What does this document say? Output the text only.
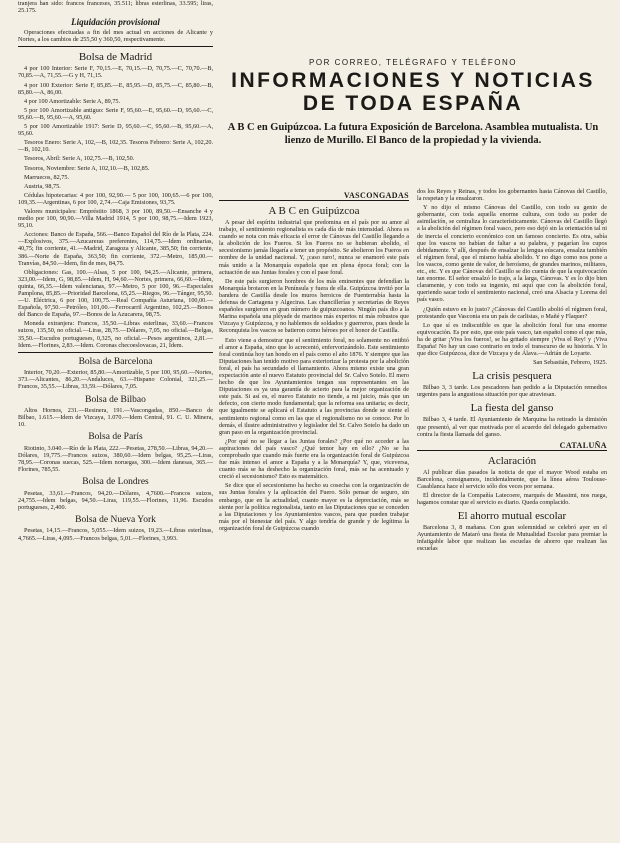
tranjera han sido: francos franceses, 35.511; libras esterlinas, 33.595; liras, 25.175.

Liquidación provisional

Operaciones efectuadas a fin del mes actual en acciones de Alicante y Nortes, a los cambios de 255,50 y 360,50, respectivamente.

Bolsa de Madrid

4 por 100 Interior: Serie F, 70,15.—E, 70,15.—D, 70,75.—C, 70,70.—B, 70,85.—A, 71,55.—G y H, 71,15.

4 por 100 Exterior: Serie F, 85,85.—E, 85,95.—D, 85,75.—C, 85,80.—B, 85,80.—A, 86,00.

4 por 100 Amortizable: Serie A, 89,75.

5 por 100 Amortizable antiguo: Serie F, 95,60.—E, 95,60.—D, 95,60.—C, 95,60.—B, 95,60.—A, 95,60.

5 por 100 Amortizable 1917: Serie D, 95,60.—C, 95,60.—B, 95,60.—A, 95,60.

Tesoros Enero: Serie A, 102,—B, 102,35. Tesoros Febrero: Serie A, 102,20.—B, 102,10.

Tesoros, Abril: Serie A, 102,75.—B, 102,50.

Tesoros, Noviembre: Serie A, 102,10.—B, 102,85.

Marruecos, 82,75.

Austria, 98,75.

Cédulas hipotecarias: 4 por 100, 92,90.— 5 por 100, 100,65.—6 por 100, 109,35.—Argentinas, 6 por 100, 2,74.—Caja Emisiones, 93,75.

Valores municipales: Empréstito 1868, 3 por 100, 89,50.—Ensanche 4 y medio por 100, 90,90.—Villa Madrid 1914, 5 por 100, 98,75.—Idem 1923, 95,10.

Acciones: Banco de España, 566.—Banco Español del Río de la Plata, 224.—Explosivos, 375.—Azucareras preferentes, 114,75.—Idem ordinarias, 40,75; fin corriente, 41.—Madrid, Zaragoza y Alicante, 385,50; fin corriente, 386.—Norte de España, 363,50; fin corriente, 372.—Metro, 185,00.—Tranvías, 84,50.—Idem, fin de mes, 84,75.

Obligaciones: Gas, 100.—Alsas, 5 por 100, 94,25.—Alicante, primera, 323,00.—Idem, G, 98,85.—Idem, H, 94,60.—Nortes, primera, 66,60.—Idem, quinta, 66,35.—Idem valencianas, 97.—Metro, 5 por 100, 96.—Especiales Pamplona, 85,85.—Prioridad Barcelona, 65,25.—Riegos, 96.—Tánger, 95,50.—U. Eléctrica, 6 por 100, 100,75.—Real Compañía Asturiana, 100,00.—Española, 97,50.—Petróleo, 101,00.—Ferrocarril Argentino, 102,25.—Bonos del Banco de España, 97.—Bonos de la Azucarera, 98,75.

Moneda extranjera: Francos, 35,50.—Libras esterlinas, 33,60.—Francos suizos, 135,50, no oficial.—Liras, 28,75.—Dólares, 7,05, no oficial.—Belgas, 35,50.—Escudos portugueses, 0,325, no oficial.—Pesos argentinos, 2,81.—Idem.—Florines, 2,83.—Idem. Coronas checoeslovacas, 21, Ídem.

Bolsa de Barcelona

Interior, 70,20.—Exterior, 85,80.—Amortizable, 5 por 100, 95,60.—Nortes, 373.—Alicantes, 86,20.—Andaluces, 63.—Hispano Colonial, 321,25.—Francos, 35,55.—Libras, 33,59.—Dólares, 7,05.

Bolsa de Bilbao

Altos Hornos, 231.—Resinera, 191.—Vascongadas, 850.—Banco de Bilbao, 1.615.—Idem de Vizcaya, 1.070.—Idem Central, 91. C. U. Minera, 10.

Bolsa de París

Riotinto, 3.040.—Río de la Plata, 222.—Pesetas, 278,50.—Libras, 94,20.—Dólares, 19,775.—Francos suizos, 380,60.—Idem belgas, 95,25.—Liras, 78,95.—Coronas suecas, 525.—Idem noruegas, 300.—Idem danesas, 365.—Florines, 785,55.

Bolsa de Londres

Pesetas, 33,61.—Francos, 94,20.—Dólares, 4,7600.—Francos suizos, 24,755.—Idem belgas, 94,50.—Liras, 119,55.—Florines, 11,96. Escudos portugueses, 2,400.

Bolsa de Nueva York

Pesetas, 14,15.—Francos, 5,055.—Idem suizos, 19,23.—Libras esterlinas, 4,7665.—Liras, 4,095.—Francos belgas, 5,01.—Florines, 3,993.

POR CORREO, TELÉGRAFO Y TELÉFONO
INFORMACIONES Y NOTICIAS
DE TODA ESPAÑA
A B C en Guipúzcoa. La futura Exposición de Barcelona. Asamblea mutualista. Un lienzo de Murillo. El Banco de la propiedad y la vivienda.
VASCONGADAS
A B C en Guipúzcoa

A pesar del espíritu industrial que predomina en el país por su amor al trabajo, el sentimiento regionalista es cada día de más intensidad. Ahora es cuando se nota con más eficacia el error de Cánovas del Castillo llegando a la abolición de los Fueros. Si los Fueros no se hubieran abolido, el secesionismo jamás llegaría a tener un propósito. Se abolieron los Fueros en nombre de la unidad nacional. Y, ¡caso raro!, nunca se enamoró este país más unido a la Monarquía española que en plena época foral; con la actuación de sus Juntas forales y con el pase foral.

De este país surgieron hombres de los más eminentes que defendían la Monarquía brotaron en la Península y fuera de ella. Guipúzcoa invitó por la bandera de Castilla desde los muros heroicos de Fuenterrabía hasta la defensa de Cartagena y Algeciras. Las chancillerías y secretarías de Reyes españoles surgieron en gran número de guipuzcoanos. Ningún país dio a la Marina española una pléyade de marinos más expertos ni más robustos que Vizcaya y Guipúzcoa, y no hablemos de soldados y guerreros, pues desde la Reconquista los vascos se batieron como héroes por el honor de Castilla.

Esto viene a demostrar que el sentimiento foral, no solamente no entibió el amor a España, sino que lo acrecentó, enfervorizándolo. Este sentimiento foral continúa hoy tan hondo en el país como el año 1876. Y siempre que las Diputaciones han tenido motivo para exteriorizar la protesta por la abolición foral, el país ha secundado el llamamiento. Ahora mismo existe una gran expectación ante el nuevo Estatuto provincial del Sr. Calvo Sotelo. El mero hecho de que los Ayuntamientos tengan sus representantes en las Diputaciones es ya una garantía de acierto para la mejor organización de este país. Si así es, el nuevo Estatuto no tiende, a mi juicio, más que un defecto, con cierto modo fundamental; que la reforma sea unitaria; es decir, que igualmente se aplicará el Estatuto a las provincias donde se siente el sentimiento regional como en las que el regionalismo no se conoce. Por lo demás, el ilustre administrativo y legislador del Sr. Calvo Sotelo ha dado un gran paso en la organización provincial.

¿Por qué no se llegar a las Juntas forales? ¿Por qué no acceder a las aspiraciones del país vasco? ¿Qué temor hay en ello? ¿No se ha comprobado que cuando más fuerte era la organización foral de Guipúzcoa fue más intenso el amor a España y a la Monarquía? Y, que, viceversa, cuanto más se ha deshecho la organización foral, más se ha acentuado y creció el secesionismo? Esto es matemático.

Se dice que el secesionismo ha hecho su cosecha con la organización de sus Juntas forales y la aplicación del Fuero. Sólo pensar de seguro, sin embargo, que en la actualidad, cuanto mayor es la depreciación, más se siente por la política regionalista, tanto en las Diputaciones que se conceden a las Diputaciones y los Ayuntamientos vascos, para que pueden trabajar más por el bienestar del país. Y algo tendría de grande y de legítima la organización foral de Guipúzcoa cuando

dos los Reyes y Reinas, y todos los gobernantes hasta Cánovas del Castillo, la respetan y la ensalzaron.

Y no dijo el mismo Cánovas del Castillo, con todo su genio de gobernante, con toda aquella enorme cultura, con todo su poder de asimilación, se centraliza lo característicamente. Cánovas del Castillo llegó a la abolición del régimen foral vasco, pero eso dejó sin la orientación tal ni de inercia el concierto económico con un famoso concierto. Es otra, sabía que los vascos no habían de faltar a su palabra, y pagarían los cupos debidamente. Y allí, después de ensalzar la lengua eúscara, ensalza también el régimen foral, que el mismo había abolido. Y no digo como nos pone a los vascos, como gente de valor, de heroísmo, de grandes marinos, militares, etc., etc. Y es que Cánovas del Castillo se dio cuenta de que la equivocación tan enorme. El señor ensalzó lo trajo, a la larga, Cánovas. Y es lo dijo bien claramente, y con todo su ingenio, mi aquí que con la abolición foral, queriendo sacar todo el sentimiento nacional, creó una Alsacia y Lorena del país vasco.

¿Quién estuvo en lo justo? ¿Cánovas del Castillo abolió el régimen foral, protestando que Vasconia era un país de carlistas, o Mañé y Flaquer?

Lo que sí es indiscutible es que la abolición foral fue una enorme equivocación. Es por esto, que este país vasco, tan español como el que más, ha de gritar ¡Viva los fueros!, se ha gritado siempre ¡Viva el Rey! y ¡Viva España! No hay un caso contrario en todo el transcurso de su historia. Y lo que dice Guipúzcoa, dice de Vizcaya y de Álava.—Adrián de Loyarte.

San Sebastián, Febrero, 1925.
La crisis pesquera

Bilbao 3, 3 tarde. Los pescadores han pedido a la Diputación remedios urgentes para la angustiosa situación por que atraviesan.

La fiesta del ganso

Bilbao 3, 4 tarde. El Ayuntamiento de Marquina ha retirado la dimisión que presentó, al ver que motivada por el acuerdo del delegado gubernativo contra la fiesta llamada del ganso.

CATALUÑA
Aclaración

Al publicar días pasados la noticia de que el mayor Wood estaba en Barcelona, consignamos, incidentalmente, que la línea aérea Toulouse-Casablanca hace el servicio sólo dos veces por semana.

El director de la Compañía Latecoere, marqués de Massimi, nos ruega, hagamos constar que el servicio es diario. Queda complacido.

El ahorro mutual escolar

Barcelona 3, 8 mañana. Con gran solemnidad se celebró ayer en el Ayuntamiento de Mataró una fiesta de Mutualidad Escolar para premiar la infatigable labor que realizan las escuelas de ahorro que realizan las escuelas
